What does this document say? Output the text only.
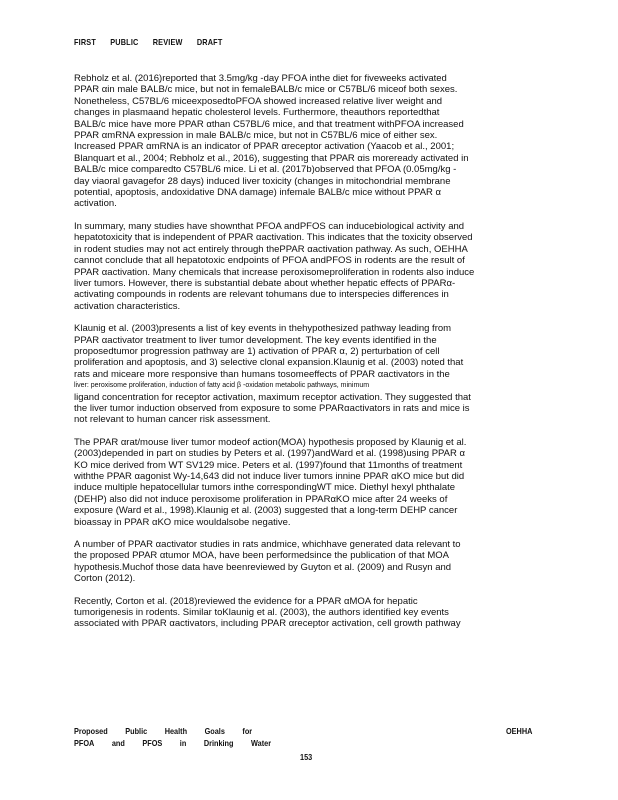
FIRST PUBLIC REVIEW DRAFT
Rebholz et al. (2016)reported that 3.5mg/kg -day PFOA inthe diet for fiveweeks activated
PPAR αin male BALB/c mice, but not in femaleBALB/c mice or C57BL/6 miceof both sexes.
Nonetheless, C57BL/6 miceexposedtoPFOA showed increased relative liver weight and
changes in plasmaand hepatic cholesterol levels. Furthermore, theauthors reportedthat
BALB/c mice have more PPAR αthan C57BL/6 mice, and that treatment withPFOA increased
PPAR αmRNA expression in male BALB/c mice, but not in C57BL/6 mice of either sex.
Increased PPAR αmRNA is an indicator of PPAR αreceptor activation (Yaacob et al., 2001;
Blanquart et al., 2004; Rebholz et al., 2016), suggesting that PPAR αis moreready activated in
BALB/c mice comparedto C57BL/6 mice. Li et al. (2017b)observed that PFOA (0.05mg/kg -
day viaoral gavagefor 28 days) induced liver toxicity (changes in mitochondrial membrane
potential, apoptosis, andoxidative DNA damage) infemale BALB/c mice without PPAR α
activation.
In summary, many studies have shownthat PFOA andPFOS can inducebiological activity and
hepatotoxicity that is independent of PPAR αactivation. This indicates that the toxicity observed
in rodent studies may not act entirely through thePPAR αactivation pathway. As such, OEHHA
cannot conclude that all hepatotoxic endpoints of PFOA andPFOS in rodents are the result of
PPAR αactivation. Many chemicals that increase peroxisomeproliferation in rodents also induce
liver tumors. However, there is substantial debate about whether hepatic effects of PPARα-
activating compounds in rodents are relevant tohumans due to interspecies differences in
activation characteristics.
Klaunig et al. (2003)presents a list of key events in thehypothesized pathway leading from
PPAR αactivator treatment to liver tumor development. The key events identified in the
proposedtumor progression pathway are 1) activation of PPAR α, 2) perturbation of cell
proliferation and apoptosis, and 3) selective clonal expansion.Klaunig et al. (2003) noted that
rats and miceare more responsive than humans tosomeeffects of PPAR αactivators in the
liver: peroxisome proliferation, induction of fatty acid β -oxidation metabolic pathways, minimum
ligand concentration for receptor activation, maximum receptor activation. They suggested that
the liver tumor induction observed from exposure to some PPARαactivators in rats and mice is
not relevant to human cancer risk assessment.
The PPAR αrat/mouse liver tumor modeof action(MOA) hypothesis proposed by Klaunig et al.
(2003)depended in part on studies by Peters et al. (1997)andWard et al. (1998)using PPAR α
KO mice derived from WT SV129 mice. Peters et al. (1997)found that 11months of treatment
withthe PPAR αagonist Wy-14,643 did not induce liver tumors innine PPAR αKO mice but did
induce multiple hepatocellular tumors inthe correspondingWT mice. Diethyl hexyl phthalate
(DEHP) also did not induce peroxisome proliferation in PPARαKO mice after 24 weeks of
exposure (Ward et al., 1998).Klaunig et al. (2003) suggested that a long-term DEHP cancer
bioassay in PPAR αKO mice wouldalsobe negative.
A number of PPAR αactivator studies in rats andmice, whichhave generated data relevant to
the proposed PPAR αtumor MOA, have been performedsince the publication of that MOA
hypothesis.Muchof those data have beenreviewed by Guyton et al. (2009) and Rusyn and
Corton (2012).
Recently, Corton et al. (2018)reviewed the evidence for a PPAR αMOA for hepatic
tumorigenesis in rodents. Similar toKlaunig et al. (2003), the authors identified key events
associated with PPAR αactivators, including PPAR αreceptor activation, cell growth pathway
Proposed Public Health Goals for
PFOA and PFOS in Drinking Water
OEHHA
153
